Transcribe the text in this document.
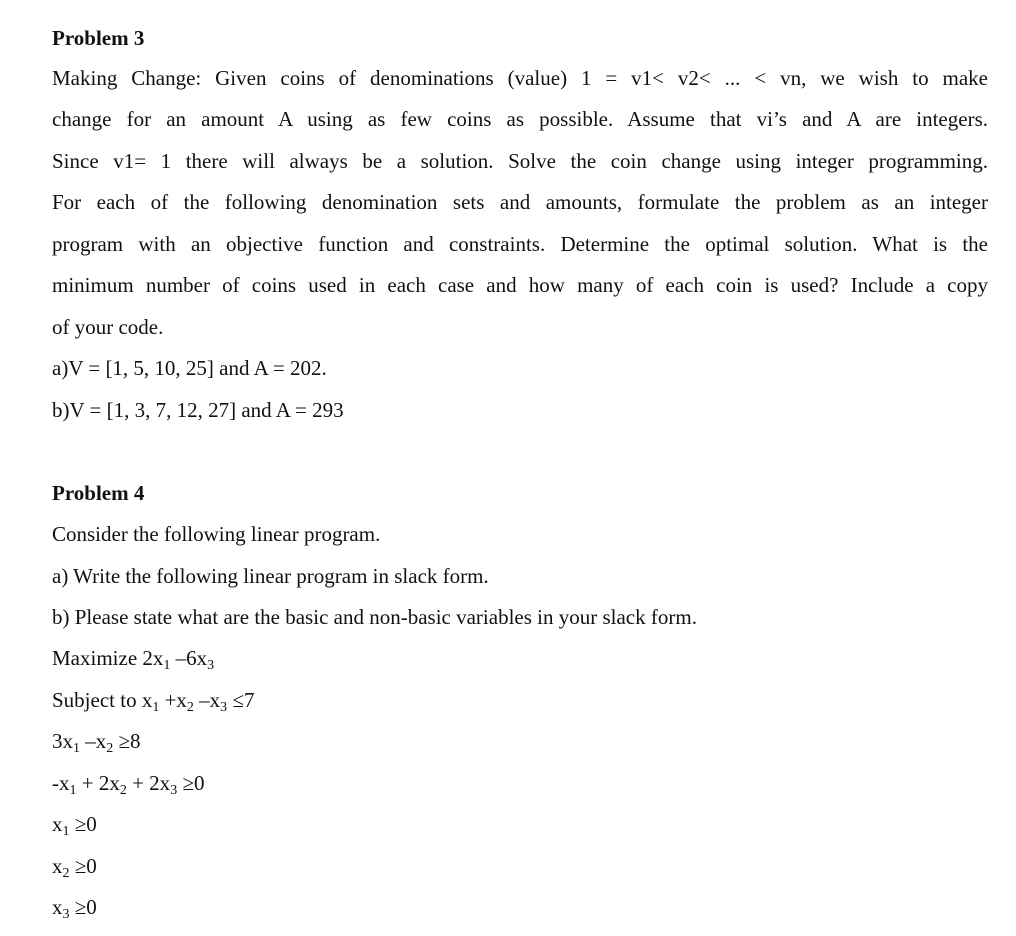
Problem 3
Making Change: Given coins of denominations (value) 1 = v1< v2< ... < vn, we wish to make
change for an amount A using as few coins as possible. Assume that vi’s and A are integers.
Since v1= 1 there will always be a solution. Solve the coin change using integer programming.
For each of the following denomination sets and amounts, formulate the problem as an integer
program with an objective function and constraints. Determine the optimal solution. What is the
minimum number of coins used in each case and how many of each coin is used? Include a copy
of your code.
a)V = [1, 5, 10, 25] and A = 202.
b)V = [1, 3, 7, 12, 27] and A = 293
Problem 4
Consider the following linear program.
a) Write the following linear program in slack form.
b) Please state what are the basic and non-basic variables in your slack form.
Maximize $2x_1$ $-6x_3$
Subject to $x_1 +x_2$ $-x_3 \le 7$
$3x_1$ $-x_2 \ge 8$
$-x_1 + 2x_2 + 2x_3 \ge 0$
$x_1 \ge 0$
$x_2 \ge 0$
$x_3 \ge 0$
